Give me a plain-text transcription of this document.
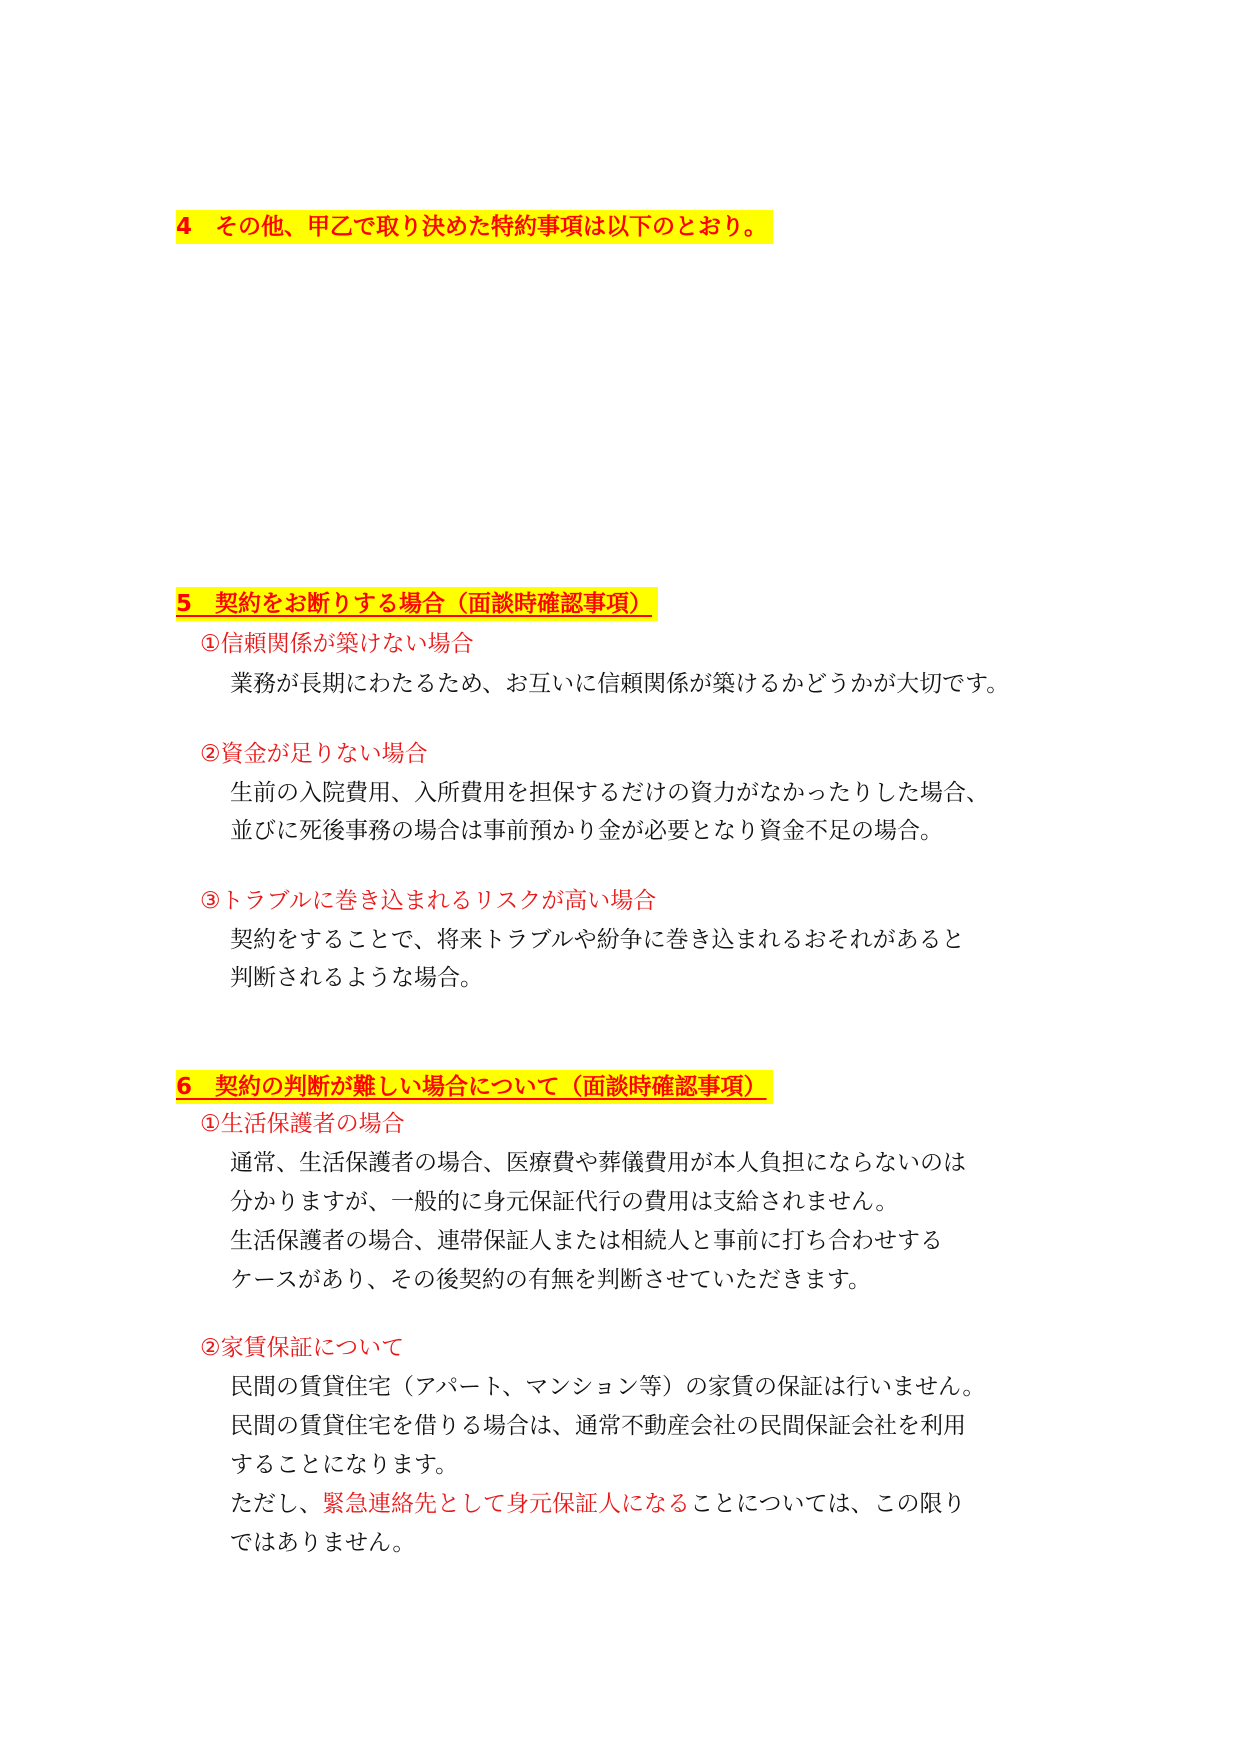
4　その他、甲乙で取り決めた特約事項は以下のとおり。
5　契約をお断りする場合（面談時確認事項）
①信頼関係が築けない場合
業務が長期にわたるため、お互いに信頼関係が築けるかどうかが大切です。
②資金が足りない場合
生前の入院費用、入所費用を担保するだけの資力がなかったりした場合、
並びに死後事務の場合は事前預かり金が必要となり資金不足の場合。
③トラブルに巻き込まれるリスクが高い場合
契約をすることで、将来トラブルや紛争に巻き込まれるおそれがあると
判断されるような場合。
6　契約の判断が難しい場合について（面談時確認事項）
①生活保護者の場合
通常、生活保護者の場合、医療費や葬儀費用が本人負担にならないのは
分かりますが、一般的に身元保証代行の費用は支給されません。
生活保護者の場合、連帯保証人または相続人と事前に打ち合わせする
ケースがあり、その後契約の有無を判断させていただきます。
②家賃保証について
民間の賃貸住宅（アパート、マンション等）の家賃の保証は行いません。
民間の賃貸住宅を借りる場合は、通常不動産会社の民間保証会社を利用
することになります。
ただし、緊急連絡先として身元保証人になることについては、この限り
ではありません。
